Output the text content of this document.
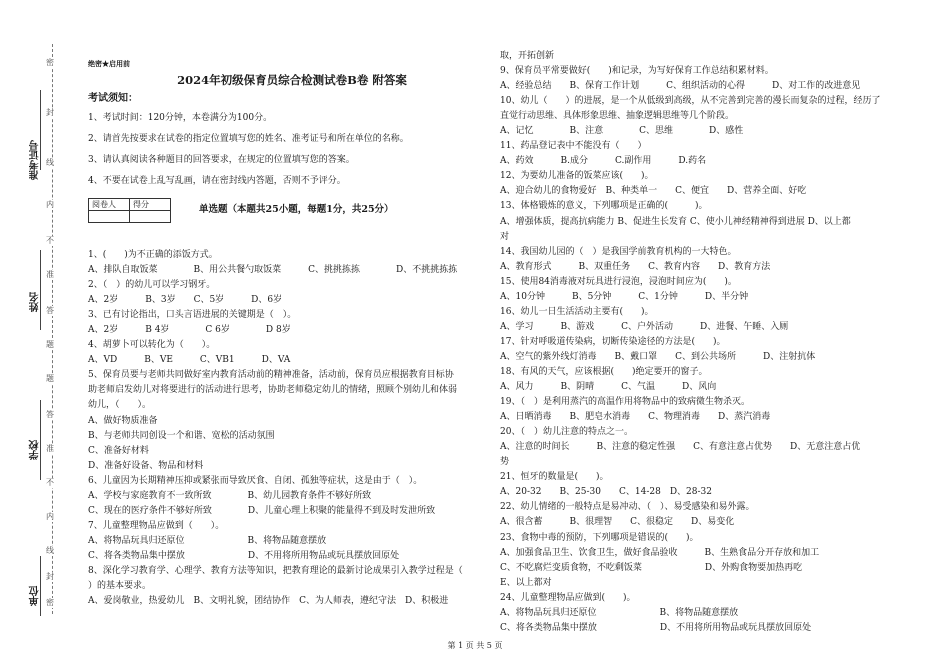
密
封
线
内
不
准
答
题
题
答
准
不
内
线
封
密
准考证号
姓名
学校
单位
绝密★启用前
2024年初级保育员综合检测试卷B卷 附答案
考试须知：
1、考试时间：120分钟，本卷满分为100分。
2、请首先按要求在试卷的指定位置填写您的姓名、准考证号和所在单位的名称。
3、请认真阅读各种题目的回答要求，在规定的位置填写您的答案。
4、不要在试卷上乱写乱画，请在密封线内答题，否则不予评分。
阅卷人	得分

单选题（本题共25小题，每题1分，共25分）
1、(　　)为不正确的添饭方式。
A、排队自取饭菜　　　　B、用公共餐勺取饭菜　　　C、挑挑拣拣　　　　D、不挑挑拣拣
2、（　）的幼儿可以学习钢牙。
A、2岁　　　B、3岁　　C、5岁　　　D、6岁
3、已有讨论指出，口头言语进展的关键期是（　）。
A、2岁　　　B 4岁　　　　C 6岁　　　　D 8岁
4、胡萝卜可以转化为（　　）。
A、VD　　　B、VE　　　C、VB1　　　D、VA
5、保育员要与老师共同做好室内教育活动前的精神准备，活动前，保育员应根据教育目标协
助老师启发幼儿对将要进行的活动进行思考，协助老师稳定幼儿的情绪，照顾个别幼儿和体弱
幼儿，（　　）。
A、做好物质准备
B、与老师共同创设一个和谐、宽松的活动氛围
C、准备好材料
D、准备好设备、物品和材料
6、儿童因为长期精神压抑或紧张而导致厌食、自闭、孤独等症状，这是由于（　）。
A、学校与家庭教育不一致所致　　　　B、幼儿园教育条件不够好所致
C、现在的医疗条件不够好所致　　　　D、儿童心理上积聚的能量得不到及时发泄所致
7、儿童整理物品应做到（　　）。
A、将物品玩具归还原位　　　　　　　B、将物品随意摆放
C、将各类物品集中摆放　　　　　　　D、不用将所用物品或玩具摆放回原处
8、深化学习教育学、心理学、教育方法等知识，把教育理论的最新讨论成果引入教学过程是（
）的基本要求。
A、爱岗敬业，热爱幼儿　B、文明礼貌，团结协作　C、为人师表，遵纪守法　D、积极进
取，开拓创新
9、保育员平常要做好(　　)和记录，为写好保育工作总结积累材料。
A、经验总结　　B、保育工作计划　　　C、组织活动的心得　　　D、对工作的改进意见
10、幼儿（　　）的进展，是一个从低级到高级，从不完善到完善的漫长而复杂的过程，经历了
直觉行动思维、具体形象思维、抽象逻辑思维等几个阶段。
A、记忆　　　　B、注意　　　　C、思维　　　　D、感性
11、药品登记表中不能没有（　　）
A、药效　　　B.成分　　　C.副作用　　　D.药名
12、为要幼儿准备的饭菜应该(　　)。
A、迎合幼儿的食物爱好　B、种类单一　　C、便宜　　D、营养全面、好吃
13、体格锻炼的意义，下列哪项是正确的(　　　)。
A、增强体质，提高抗病能力 B、促进生长发育 C、使小儿神经精神得到进展 D、以上都
对
14、我国幼儿园的（　）是我国学前教育机构的一大特色。
A、教育形式　　　B、双重任务　　C、教育内容　　D、教育方法
15、使用84消毒液对玩具进行浸泡，浸泡时间应为(　　)。
A、10分钟　　　B、5分钟　　　C、1分钟　　　D、半分钟
16、幼儿一日生活活动主要有(　　)。
A、学习　　　B、游戏　　　C、户外活动　　　D、进餐、午睡、入厕
17、针对呼吸道传染病，切断传染途径的方法是(　　)。
A、空气的紫外线灯消毒　　B、戴口罩　　C、到公共场所　　　D、注射抗体
18、有风的天气，应该根据(　　)绝定要开的窗子。
A、风力　　　B、阴晴　　　C、气温　　　D、风向
19、（　）是利用蒸汽的高温作用将物品中的致病微生物杀灭。
A、日晒消毒　　B、肥皂水消毒　　C、物理消毒　　D、蒸汽消毒
20、（　）幼儿注意的特点之一。
A、注意的时间长　　　B、注意的稳定性强　　C、有意注意占优势　　D、无意注意占优
势
21、恒牙的数量是(　　)。
A、20-32　　B、25-30　　C、14-28　D、28-32
22、幼儿情绪的一般特点是易冲动、（　）、易受感染和易外露。
A、很含蓄　　　B、很理智　　C、很稳定　　D、易变化
23、食物中毒的预防，下列哪项是错误的(　　)。
A、加强食品卫生、饮食卫生，做好食品验收　　　B、生熟食品分开存放和加工
C、不吃腐烂变质食物，不吃剩饭菜　　　　　　　D、外购食物要加热再吃
E、以上都对
24、儿童整理物品应做到(　　)。
A、将物品玩具归还原位　　　　　　　B、将物品随意摆放
C、将各类物品集中摆放　　　　　　　D、不用将所用物品或玩具摆放回原处
第 1 页 共 5 页
